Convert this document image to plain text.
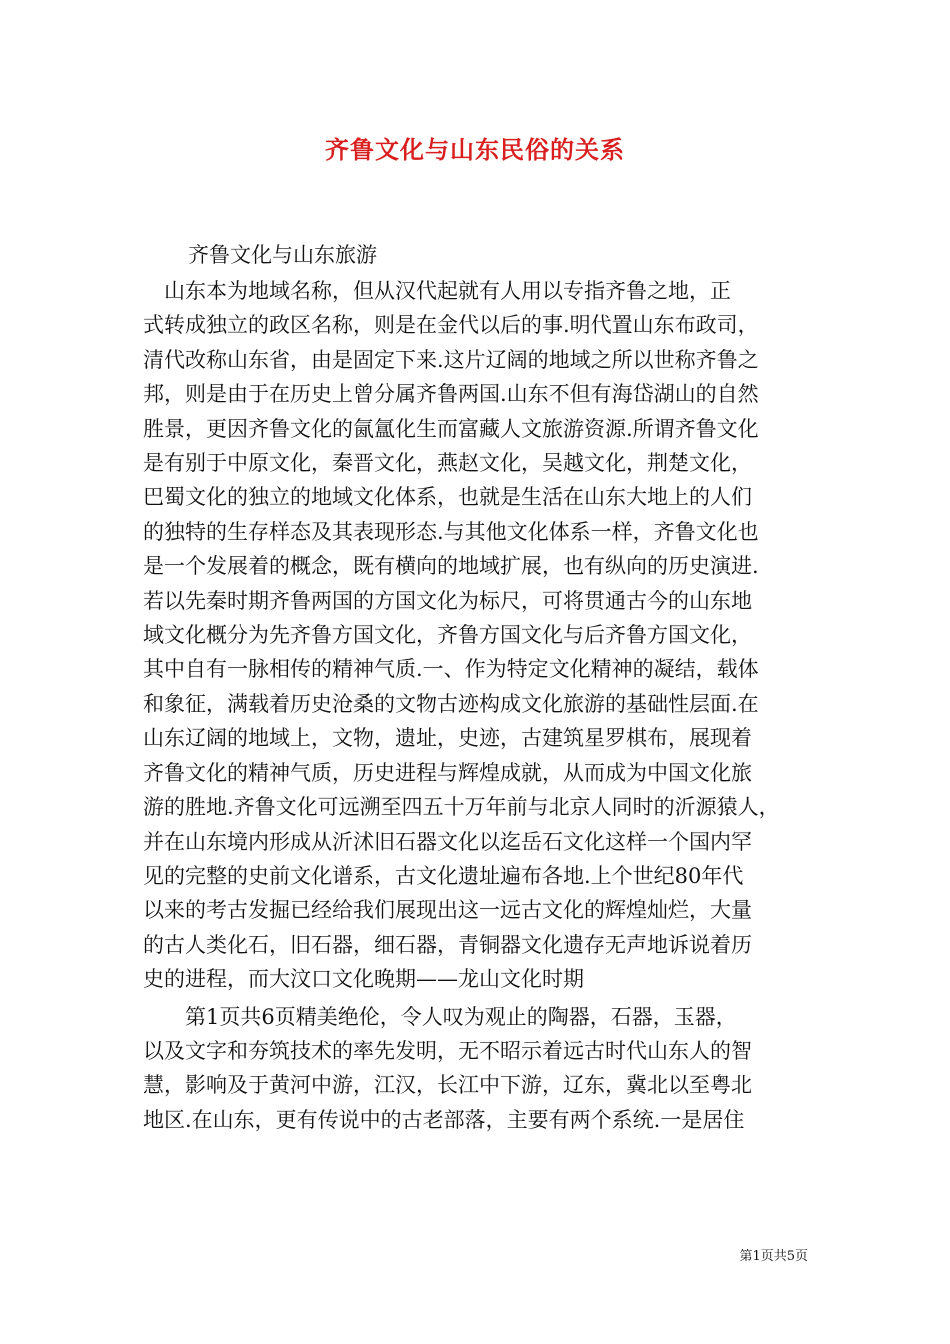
齐鲁文化与山东民俗的关系
齐鲁文化与山东旅游
　山东本为地域名称，但从汉代起就有人用以专指齐鲁之地，正
式转成独立的政区名称，则是在金代以后的事.明代置山东布政司，
清代改称山东省，由是固定下来.这片辽阔的地域之所以世称齐鲁之
邦，则是由于在历史上曾分属齐鲁两国.山东不但有海岱湖山的自然
胜景，更因齐鲁文化的氤氲化生而富藏人文旅游资源.所谓齐鲁文化
是有别于中原文化，秦晋文化，燕赵文化，吴越文化，荆楚文化，
巴蜀文化的独立的地域文化体系，也就是生活在山东大地上的人们
的独特的生存样态及其表现形态.与其他文化体系一样，齐鲁文化也
是一个发展着的概念，既有横向的地域扩展，也有纵向的历史演进.
若以先秦时期齐鲁两国的方国文化为标尺，可将贯通古今的山东地
域文化概分为先齐鲁方国文化，齐鲁方国文化与后齐鲁方国文化，
其中自有一脉相传的精神气质.一、作为特定文化精神的凝结，载体
和象征，满载着历史沧桑的文物古迹构成文化旅游的基础性层面.在
山东辽阔的地域上，文物，遗址，史迹，古建筑星罗棋布，展现着
齐鲁文化的精神气质，历史进程与辉煌成就，从而成为中国文化旅
游的胜地.齐鲁文化可远溯至四五十万年前与北京人同时的沂源猿人，
并在山东境内形成从沂沭旧石器文化以迄岳石文化这样一个国内罕
见的完整的史前文化谱系，古文化遗址遍布各地.上个世纪80年代
以来的考古发掘已经给我们展现出这一远古文化的辉煌灿烂，大量
的古人类化石，旧石器，细石器，青铜器文化遗存无声地诉说着历
史的进程，而大汶口文化晚期——龙山文化时期
　　第1页共6页精美绝伦，令人叹为观止的陶器，石器，玉器，
以及文字和夯筑技术的率先发明，无不昭示着远古时代山东人的智
慧，影响及于黄河中游，江汉，长江中下游，辽东，冀北以至粤北
地区.在山东，更有传说中的古老部落，主要有两个系统.一是居住
第1页共5页
